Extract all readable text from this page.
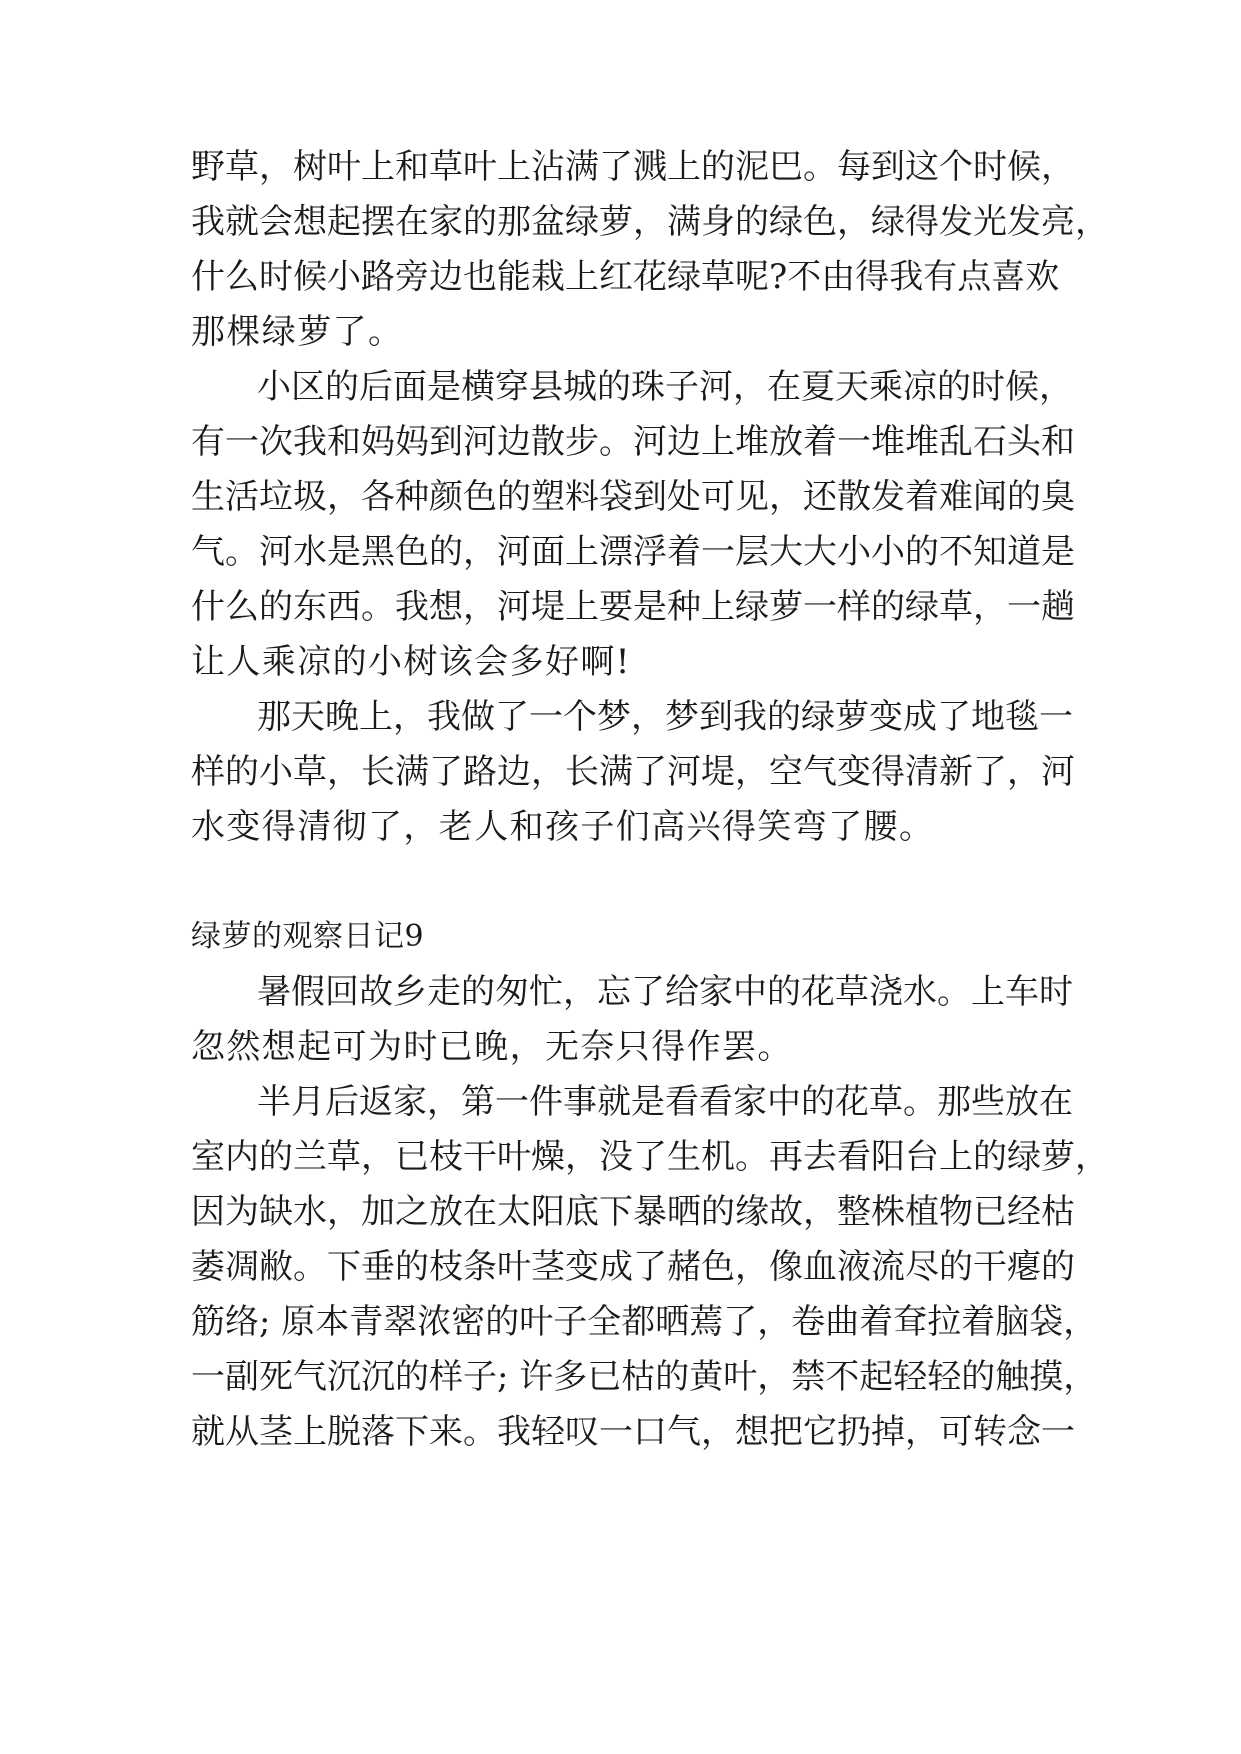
野草，树叶上和草叶上沾满了溅上的泥巴。每到这个时候，

我就会想起摆在家的那盆绿萝，满身的绿色，绿得发光发亮，

什么时候小路旁边也能栽上红花绿草呢?不由得我有点喜欢

那棵绿萝了。

小区的后面是横穿县城的珠子河，在夏天乘凉的时候，

有一次我和妈妈到河边散步。河边上堆放着一堆堆乱石头和

生活垃圾，各种颜色的塑料袋到处可见，还散发着难闻的臭

气。河水是黑色的，河面上漂浮着一层大大小小的不知道是

什么的东西。我想，河堤上要是种上绿萝一样的绿草，一趟

让人乘凉的小树该会多好啊!

那天晚上，我做了一个梦，梦到我的绿萝变成了地毯一

样的小草，长满了路边，长满了河堤，空气变得清新了，河

水变得清彻了，老人和孩子们高兴得笑弯了腰。

绿萝的观察日记9

暑假回故乡走的匆忙，忘了给家中的花草浇水。上车时

忽然想起可为时已晚，无奈只得作罢。

半月后返家，第一件事就是看看家中的花草。那些放在

室内的兰草，已枝干叶燥，没了生机。再去看阳台上的绿萝，

因为缺水，加之放在太阳底下暴晒的缘故，整株植物已经枯

萎凋敝。下垂的枝条叶茎变成了赭色，像血液流尽的干瘪的

筋络; 原本青翠浓密的叶子全都晒蔫了，卷曲着耷拉着脑袋，

一副死气沉沉的样子; 许多已枯的黄叶，禁不起轻轻的触摸，

就从茎上脱落下来。我轻叹一口气，想把它扔掉，可转念一
